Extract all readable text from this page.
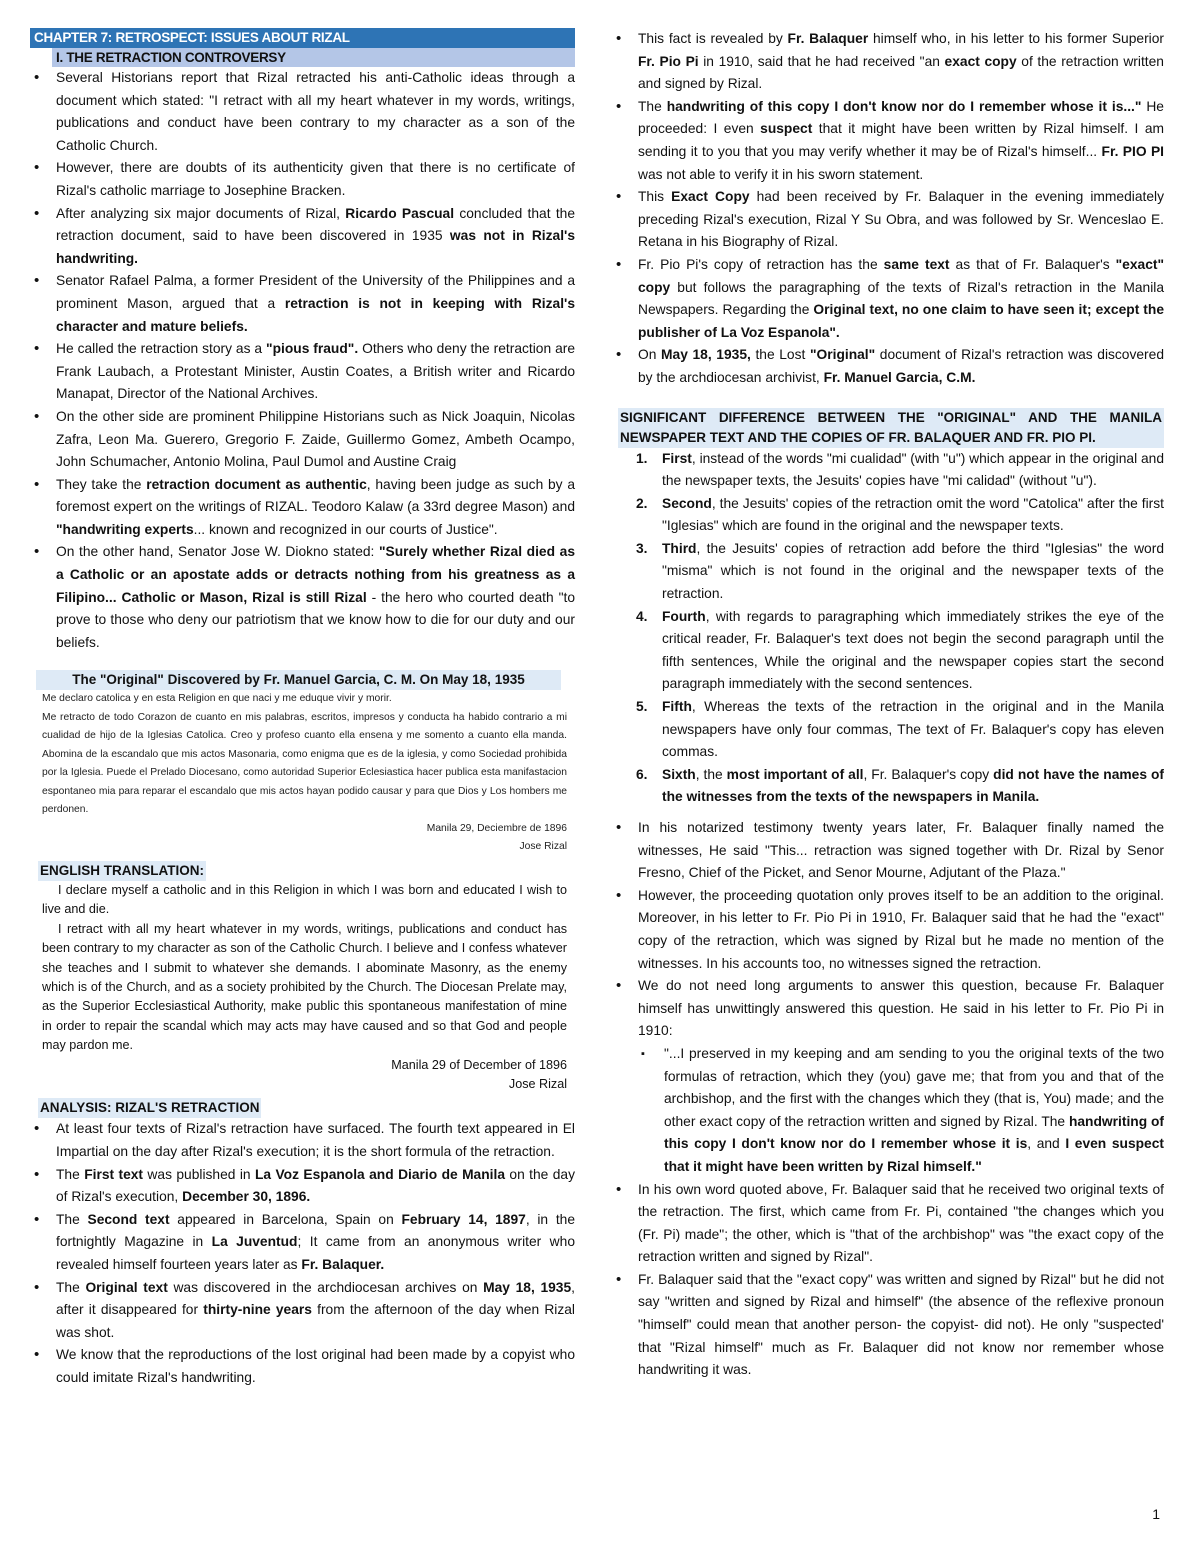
CHAPTER 7: RETROSPECT: ISSUES ABOUT RIZAL
I. THE RETRACTION CONTROVERSY
• Several Historians report that Rizal retracted his anti-Catholic ideas through a document which stated: "I retract with all my heart whatever in my words, writings, publications and conduct have been contrary to my character as a son of the Catholic Church.
• However, there are doubts of its authenticity given that there is no certificate of Rizal's catholic marriage to Josephine Bracken.
• After analyzing six major documents of Rizal, Ricardo Pascual concluded that the retraction document, said to have been discovered in 1935 was not in Rizal's handwriting.
• Senator Rafael Palma, a former President of the University of the Philippines and a prominent Mason, argued that a retraction is not in keeping with Rizal's character and mature beliefs.
• He called the retraction story as a "pious fraud". Others who deny the retraction are Frank Laubach, a Protestant Minister, Austin Coates, a British writer and Ricardo Manapat, Director of the National Archives.
• On the other side are prominent Philippine Historians such as Nick Joaquin, Nicolas Zafra, Leon Ma. Guerero, Gregorio F. Zaide, Guillermo Gomez, Ambeth Ocampo, John Schumacher, Antonio Molina, Paul Dumol and Austine Craig
• They take the retraction document as authentic, having been judge as such by a foremost expert on the writings of RIZAL. Teodoro Kalaw (a 33rd degree Mason) and "handwriting experts... known and recognized in our courts of Justice".
• On the other hand, Senator Jose W. Diokno stated: "Surely whether Rizal died as a Catholic or an apostate adds or detracts nothing from his greatness as a Filipino... Catholic or Mason, Rizal is still Rizal - the hero who courted death "to prove to those who deny our patriotism that we know how to die for our duty and our beliefs.
The "Original" Discovered by Fr. Manuel Garcia, C. M. On May 18, 1935

Me declaro catolica y en esta Religion en que naci y me eduque vivir y morir.

Me retracto de todo Corazon de cuanto en mis palabras, escritos, impresos y conducta ha habido contrario a mi cualidad de hijo de la Iglesias Catolica. Creo y profeso cuanto ella ensena y me somento a cuanto ella manda. Abomina de la escandalo que mis actos Masonaria, como enigma que es de la iglesia, y como Sociedad prohibida por la Iglesia. Puede el Prelado Diocesano, como autoridad Superior Eclesiastica hacer publica esta manifastacion espontaneo mia para reparar el escandalo que mis actos hayan podido causar y para que Dios y Los hombers me perdonen.

Manila 29, Deciembre de 1896

Jose Rizal

ENGLISH TRANSLATION:

I declare myself a catholic and in this Religion in which I was born and educated I wish to live and die.

I retract with all my heart whatever in my words, writings, publications and conduct has been contrary to my character as son of the Catholic Church. I believe and I confess whatever she teaches and I submit to whatever she demands. I abominate Masonry, as the enemy which is of the Church, and as a society prohibited by the Church. The Diocesan Prelate may, as the Superior Ecclesiastical Authority, make public this spontaneous manifestation of mine in order to repair the scandal which may acts may have caused and so that God and people may pardon me.

Manila 29 of December of 1896

Jose Rizal

ANALYSIS: RIZAL'S RETRACTION
• At least four texts of Rizal's retraction have surfaced. The fourth text appeared in El Impartial on the day after Rizal's execution; it is the short formula of the retraction.
• The First text was published in La Voz Espanola and Diario de Manila on the day of Rizal's execution, December 30, 1896.
• The Second text appeared in Barcelona, Spain on February 14, 1897, in the fortnightly Magazine in La Juventud; It came from an anonymous writer who revealed himself fourteen years later as Fr. Balaquer.
• The Original text was discovered in the archdiocesan archives on May 18, 1935, after it disappeared for thirty-nine years from the afternoon of the day when Rizal was shot.
• We know that the reproductions of the lost original had been made by a copyist who could imitate Rizal's handwriting.
• This fact is revealed by Fr. Balaquer himself who, in his letter to his former Superior Fr. Pio Pi in 1910, said that he had received "an exact copy of the retraction written and signed by Rizal.
• The handwriting of this copy I don't know nor do I remember whose it is..." He proceeded: I even suspect that it might have been written by Rizal himself. I am sending it to you that you may verify whether it may be of Rizal's himself... Fr. PIO PI was not able to verify it in his sworn statement.
• This Exact Copy had been received by Fr. Balaquer in the evening immediately preceding Rizal's execution, Rizal Y Su Obra, and was followed by Sr. Wenceslao E. Retana in his Biography of Rizal.
• Fr. Pio Pi's copy of retraction has the same text as that of Fr. Balaquer's "exact" copy but follows the paragraphing of the texts of Rizal's retraction in the Manila Newspapers. Regarding the Original text, no one claim to have seen it; except the publisher of La Voz Espanola".
• On May 18, 1935, the Lost "Original" document of Rizal's retraction was discovered by the archdiocesan archivist, Fr. Manuel Garcia, C.M.
SIGNIFICANT DIFFERENCE BETWEEN THE "ORIGINAL" AND THE MANILA NEWSPAPER TEXT AND THE COPIES OF FR. BALAQUER AND FR. PIO PI.
1. First, instead of the words "mi cualidad" (with "u") which appear in the original and the newspaper texts, the Jesuits' copies have "mi calidad" (without "u").
2. Second, the Jesuits' copies of the retraction omit the word "Catolica" after the first "Iglesias" which are found in the original and the newspaper texts.
3. Third, the Jesuits' copies of retraction add before the third "Iglesias" the word "misma" which is not found in the original and the newspaper texts of the retraction.
4. Fourth, with regards to paragraphing which immediately strikes the eye of the critical reader, Fr. Balaquer's text does not begin the second paragraph until the fifth sentences, While the original and the newspaper copies start the second paragraph immediately with the second sentences.
5. Fifth, Whereas the texts of the retraction in the original and in the Manila newspapers have only four commas, The text of Fr. Balaquer's copy has eleven commas.
6. Sixth, the most important of all, Fr. Balaquer's copy did not have the names of the witnesses from the texts of the newspapers in Manila.
• In his notarized testimony twenty years later, Fr. Balaquer finally named the witnesses, He said "This... retraction was signed together with Dr. Rizal by Senor Fresno, Chief of the Picket, and Senor Mourne, Adjutant of the Plaza."
• However, the proceeding quotation only proves itself to be an addition to the original. Moreover, in his letter to Fr. Pio Pi in 1910, Fr. Balaquer said that he had the "exact" copy of the retraction, which was signed by Rizal but he made no mention of the witnesses. In his accounts too, no witnesses signed the retraction.
• We do not need long arguments to answer this question, because Fr. Balaquer himself has unwittingly answered this question. He said in his letter to Fr. Pio Pi in 1910:
▪ "...I preserved in my keeping and am sending to you the original texts of the two formulas of retraction, which they (you) gave me; that from you and that of the archbishop, and the first with the changes which they (that is, You) made; and the other exact copy of the retraction written and signed by Rizal. The handwriting of this copy I don't know nor do I remember whose it is, and I even suspect that it might have been written by Rizal himself."
• In his own word quoted above, Fr. Balaquer said that he received two original texts of the retraction. The first, which came from Fr. Pi, contained "the changes which you (Fr. Pi) made"; the other, which is "that of the archbishop" was "the exact copy of the retraction written and signed by Rizal".
• Fr. Balaquer said that the "exact copy" was written and signed by Rizal" but he did not say "written and signed by Rizal and himself" (the absence of the reflexive pronoun "himself" could mean that another person- the copyist- did not). He only "suspected' that "Rizal himself" much as Fr. Balaquer did not know nor remember whose handwriting it was.
1
